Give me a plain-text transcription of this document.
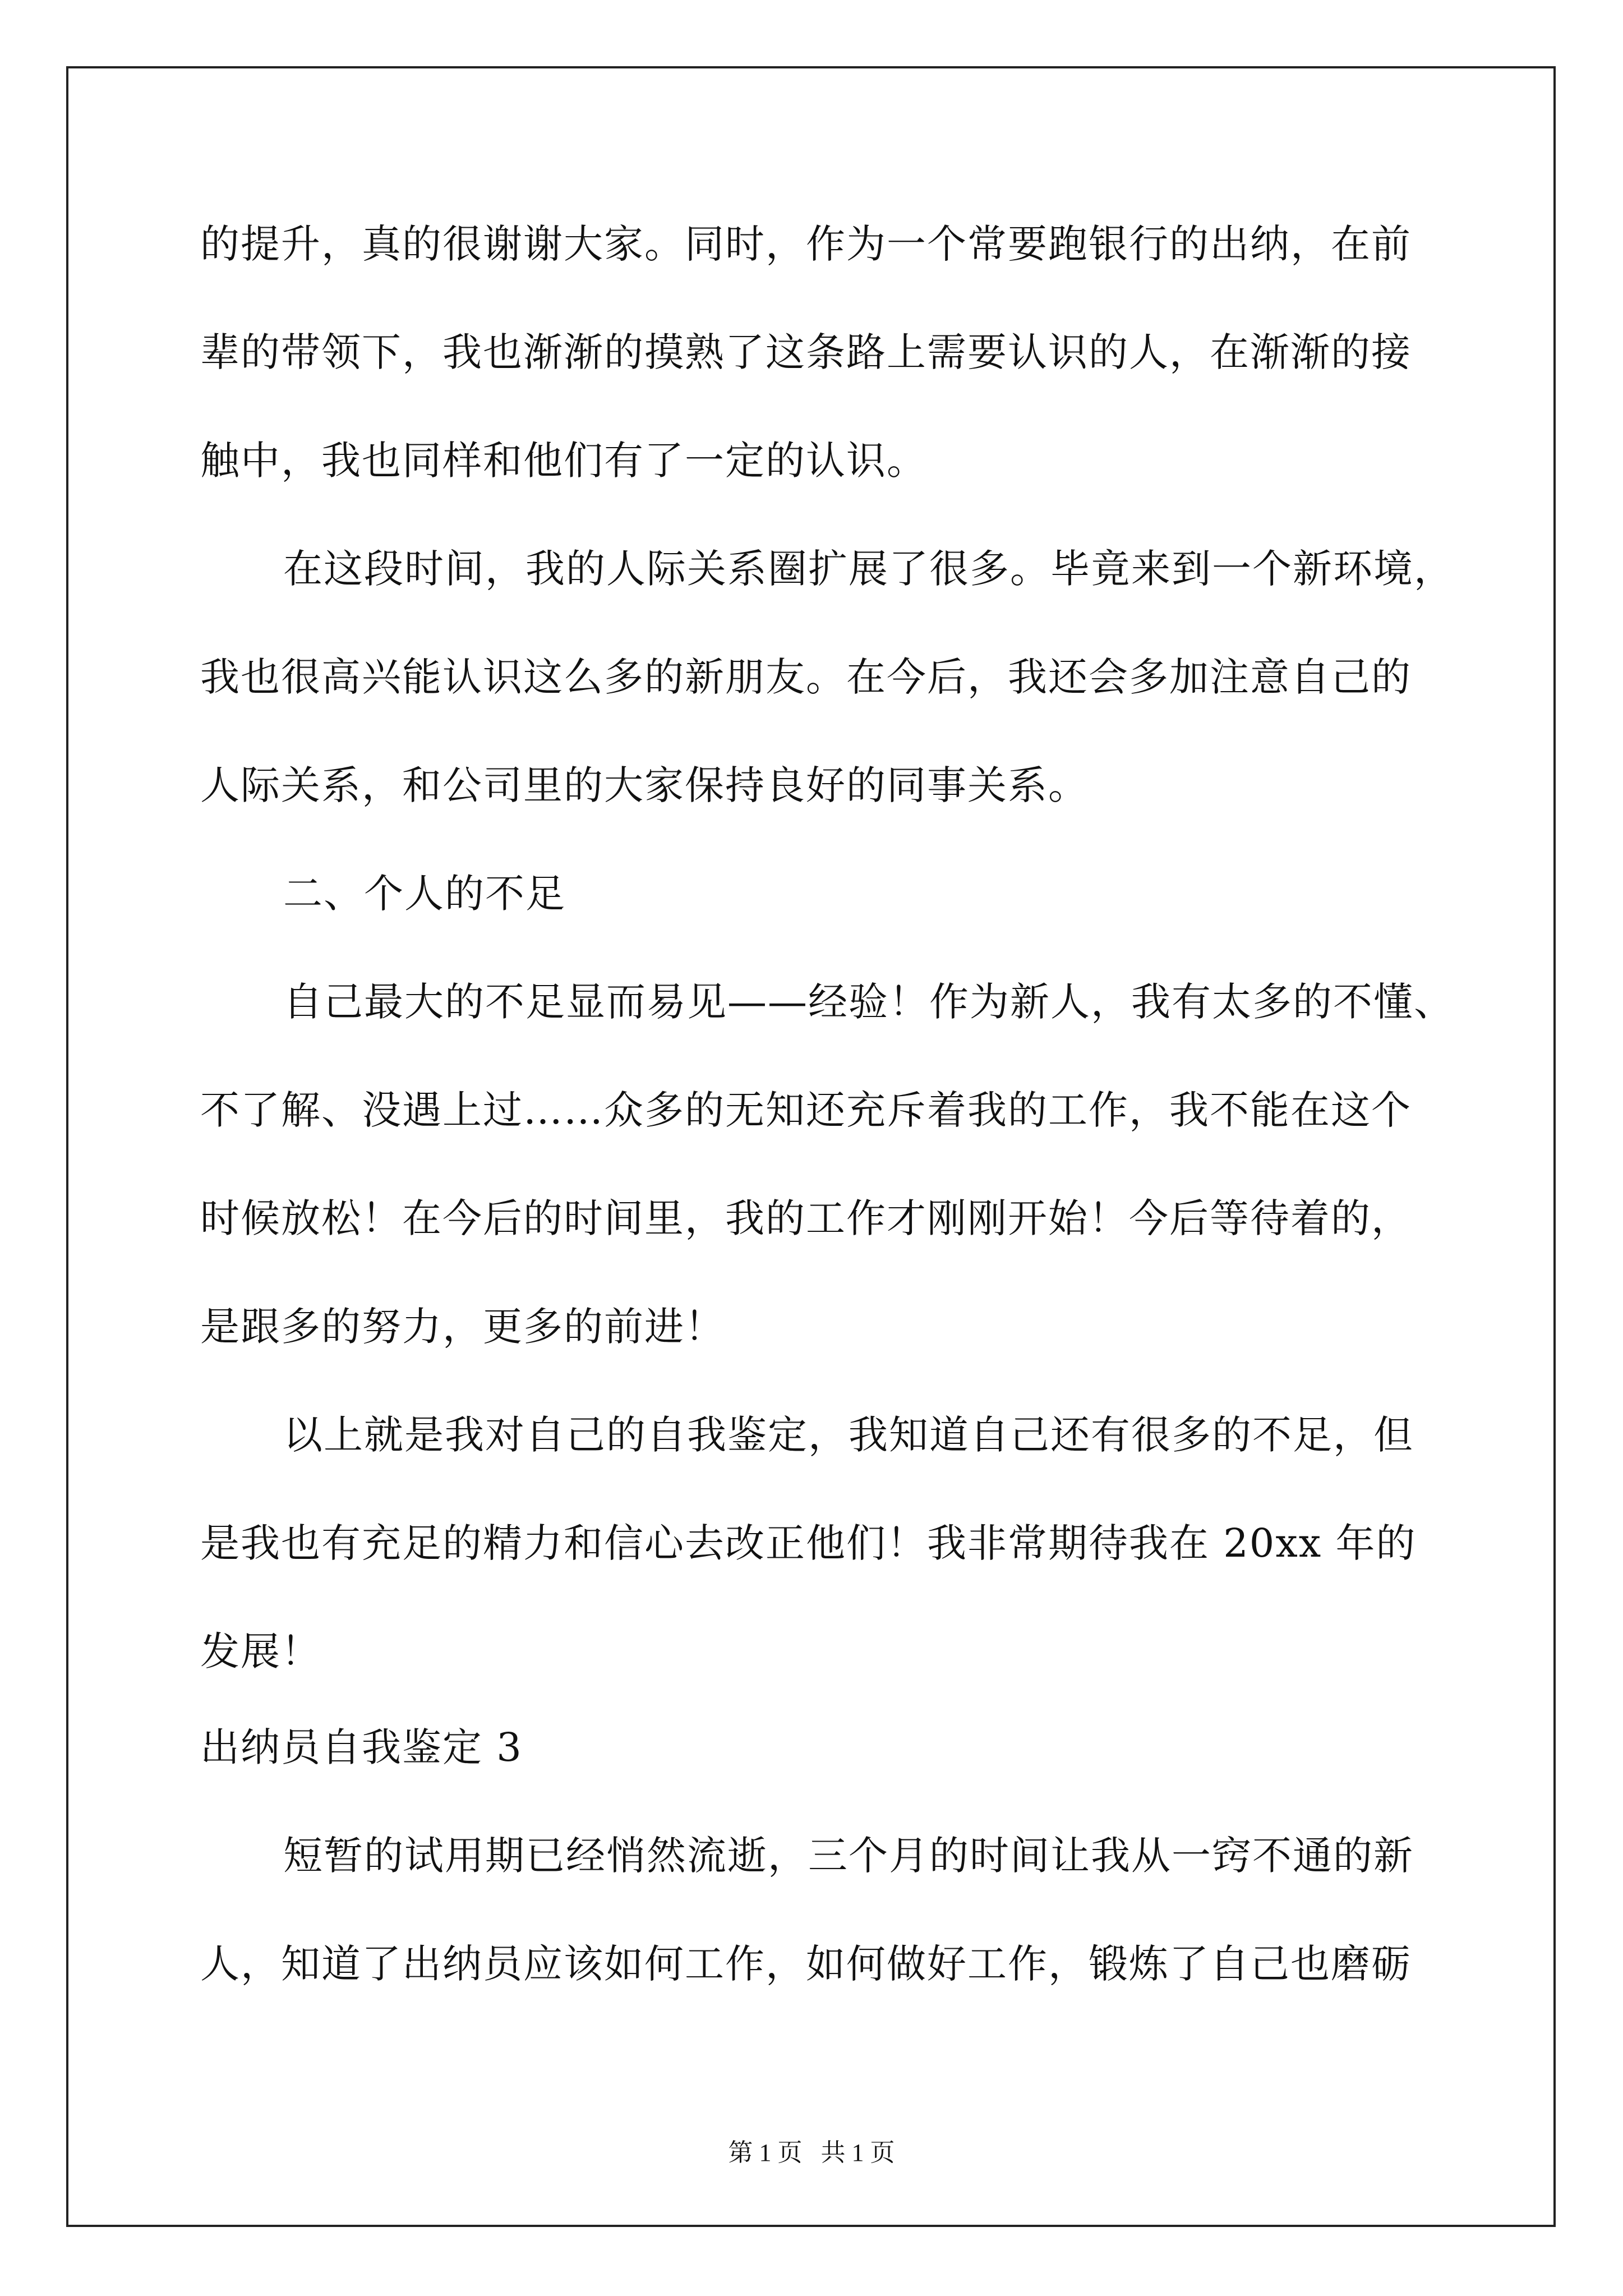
的提升，真的很谢谢大家。同时，作为一个常要跑银行的出纳，在前
辈的带领下，我也渐渐的摸熟了这条路上需要认识的人，在渐渐的接
触中，我也同样和他们有了一定的认识。
在这段时间，我的人际关系圈扩展了很多。毕竟来到一个新环境，
我也很高兴能认识这么多的新朋友。在今后，我还会多加注意自己的
人际关系，和公司里的大家保持良好的同事关系。
二、个人的不足
自己最大的不足显而易见——经验！作为新人，我有太多的不懂、
不了解、没遇上过……众多的无知还充斥着我的工作，我不能在这个
时候放松！在今后的时间里，我的工作才刚刚开始！今后等待着的，
是跟多的努力，更多的前进！
以上就是我对自己的自我鉴定，我知道自己还有很多的不足，但
是我也有充足的精力和信心去改正他们！我非常期待我在 20xx 年的
发展！
出纳员自我鉴定 3
短暂的试用期已经悄然流逝，三个月的时间让我从一窍不通的新
人，知道了出纳员应该如何工作，如何做好工作，锻炼了自己也磨砺
第 1 页   共 1 页
